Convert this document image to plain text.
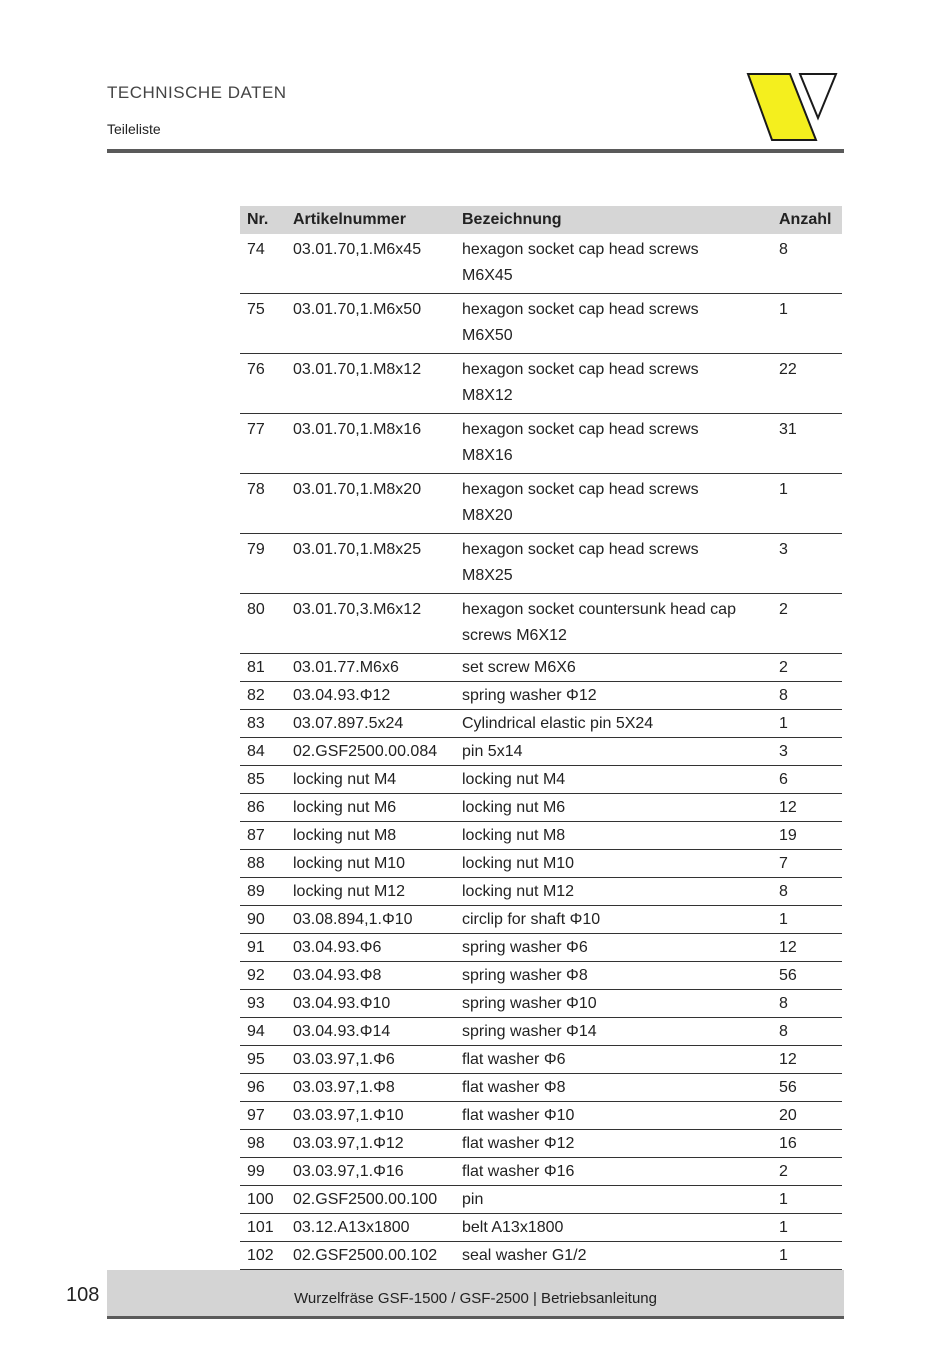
TECHNISCHE DATEN
Teileliste
Nr.	Artikelnummer	Bezeichnung	Anzahl
74	03.01.70,1.M6x45	hexagon socket cap head screws
M6X45	8
75	03.01.70,1.M6x50	hexagon socket cap head screws
M6X50	1
76	03.01.70,1.M8x12	hexagon socket cap head screws
M8X12	22
77	03.01.70,1.M8x16	hexagon socket cap head screws
M8X16	31
78	03.01.70,1.M8x20	hexagon socket cap head screws
M8X20	1
79	03.01.70,1.M8x25	hexagon socket cap head screws
M8X25	3
80	03.01.70,3.M6x12	hexagon socket countersunk head cap
screws M6X12	2
81	03.01.77.M6x6	set screw M6X6	2
82	03.04.93.Φ12	spring washer Φ12	8
83	03.07.897.5x24	Cylindrical elastic pin 5X24	1
84	02.GSF2500.00.084	pin 5x14	3
85	locking nut M4	locking nut M4	6
86	locking nut M6	locking nut M6	12
87	locking nut M8	locking nut M8	19
88	locking nut M10	locking nut M10	7
89	locking nut M12	locking nut M12	8
90	03.08.894,1.Φ10	circlip for shaft Φ10	1
91	03.04.93.Φ6	spring washer Φ6	12
92	03.04.93.Φ8	spring washer Φ8	56
93	03.04.93.Φ10	spring washer Φ10	8
94	03.04.93.Φ14	spring washer Φ14	8
95	03.03.97,1.Φ6	flat washer Φ6	12
96	03.03.97,1.Φ8	flat washer Φ8	56
97	03.03.97,1.Φ10	flat washer Φ10	20
98	03.03.97,1.Φ12	flat washer Φ12	16
99	03.03.97,1.Φ16	flat washer Φ16	2
100	02.GSF2500.00.100	pin	1
101	03.12.A13x1800	belt A13x1800	1
102	02.GSF2500.00.102	seal washer G1/2	1

Wurzelfräse GSF-1500 / GSF-2500 | Betriebsanleitung
108
